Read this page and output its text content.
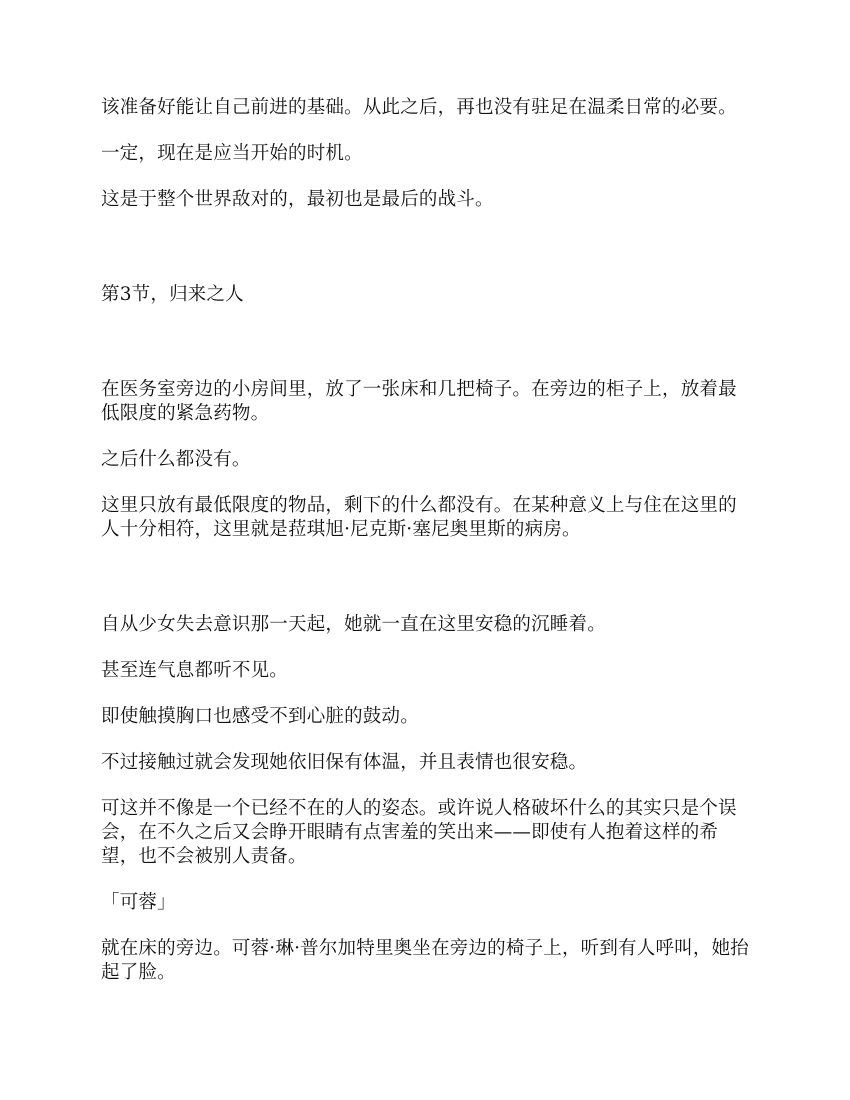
该准备好能让自己前进的基础。从此之后，再也没有驻足在温柔日常的必要。

一定，现在是应当开始的时机。

这是于整个世界敌对的，最初也是最后的战斗。

第3节，归来之人

在医务室旁边的小房间里，放了一张床和几把椅子。在旁边的柜子上，放着最低限度的紧急药物。

之后什么都没有。

这里只放有最低限度的物品，剩下的什么都没有。在某种意义上与住在这里的人十分相符，这里就是菈琪旭·尼克斯·塞尼奥里斯的病房。

自从少女失去意识那一天起，她就一直在这里安稳的沉睡着。

甚至连气息都听不见。

即使触摸胸口也感受不到心脏的鼓动。

不过接触过就会发现她依旧保有体温，并且表情也很安稳。

可这并不像是一个已经不在的人的姿态。或许说人格破坏什么的其实只是个误会，在不久之后又会睁开眼睛有点害羞的笑出来——即使有人抱着这样的希望，也不会被别人责备。

「可蓉」

就在床的旁边。可蓉·琳·普尔加特里奥坐在旁边的椅子上，听到有人呼叫，她抬起了脸。
